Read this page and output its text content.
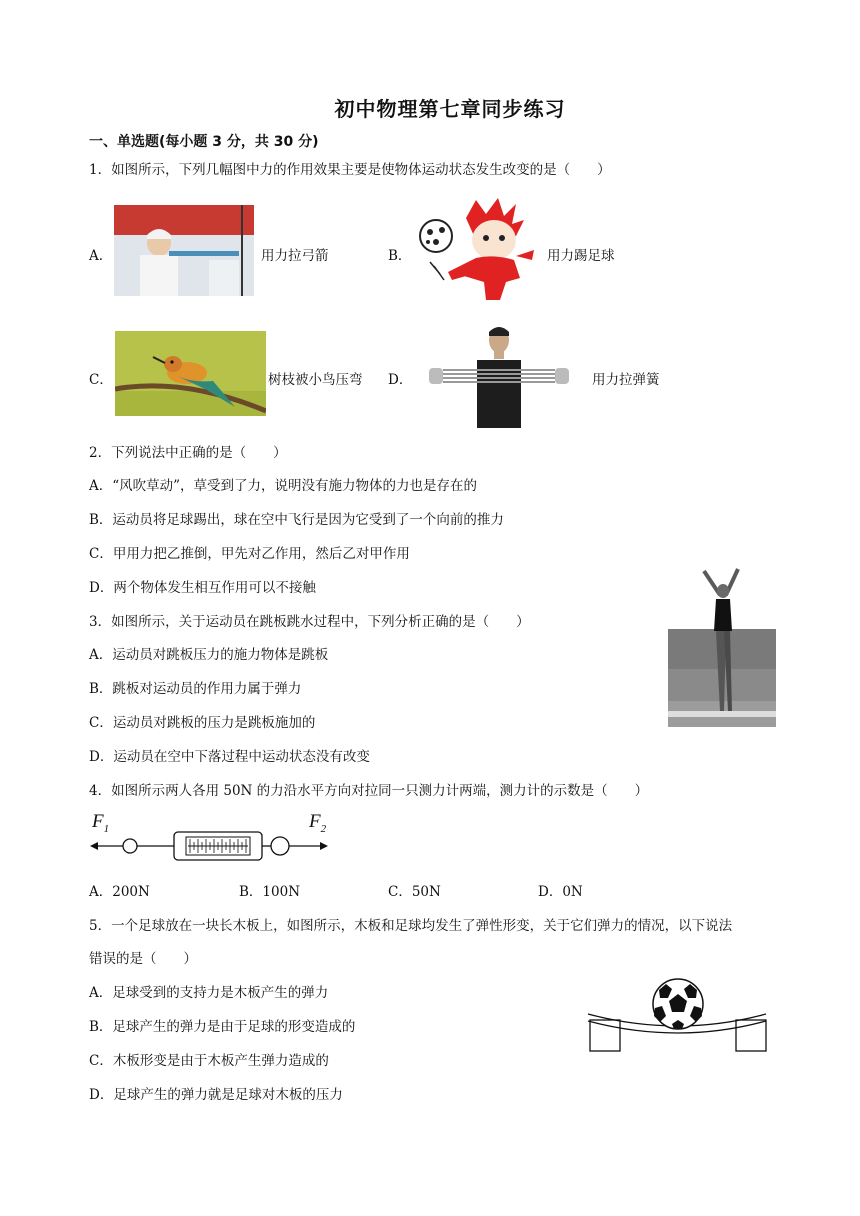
初中物理第七章同步练习
一、单选题(每小题 3 分，共 30 分)
1．如图所示，下列几幅图中力的作用效果主要是使物体运动状态发生改变的是（　　）
A．	用力拉弓箭	B．	用力踢足球
C．	树枝被小鸟压弯 D．	用力拉弹簧
2．下列说法中正确的是（　　）
A．“风吹草动”，草受到了力，说明没有施力物体的力也是存在的
B．运动员将足球踢出，球在空中飞行是因为它受到了一个向前的推力
C．甲用力把乙推倒，甲先对乙作用，然后乙对甲作用
D．两个物体发生相互作用可以不接触
3．如图所示，关于运动员在跳板跳水过程中，下列分析正确的是（　　）
A．运动员对跳板压力的施力物体是跳板
B．跳板对运动员的作用力属于弹力
C．运动员对跳板的压力是跳板施加的
D．运动员在空中下落过程中运动状态没有改变
4．如图所示两人各用 50N 的力沿水平方向对拉同一只测力计两端，测力计的示数是（　　）
$F_1$	$F_2$
A．200N	B．100N	C．50N	D．0N
5．一个足球放在一块长木板上，如图所示，木板和足球均发生了弹性形变，关于它们弹力的情况，以下说法
错误的是（　　）
A．足球受到的支持力是木板产生的弹力
B．足球产生的弹力是由于足球的形变造成的
C．木板形变是由于木板产生弹力造成的
D．足球产生的弹力就是足球对木板的压力
